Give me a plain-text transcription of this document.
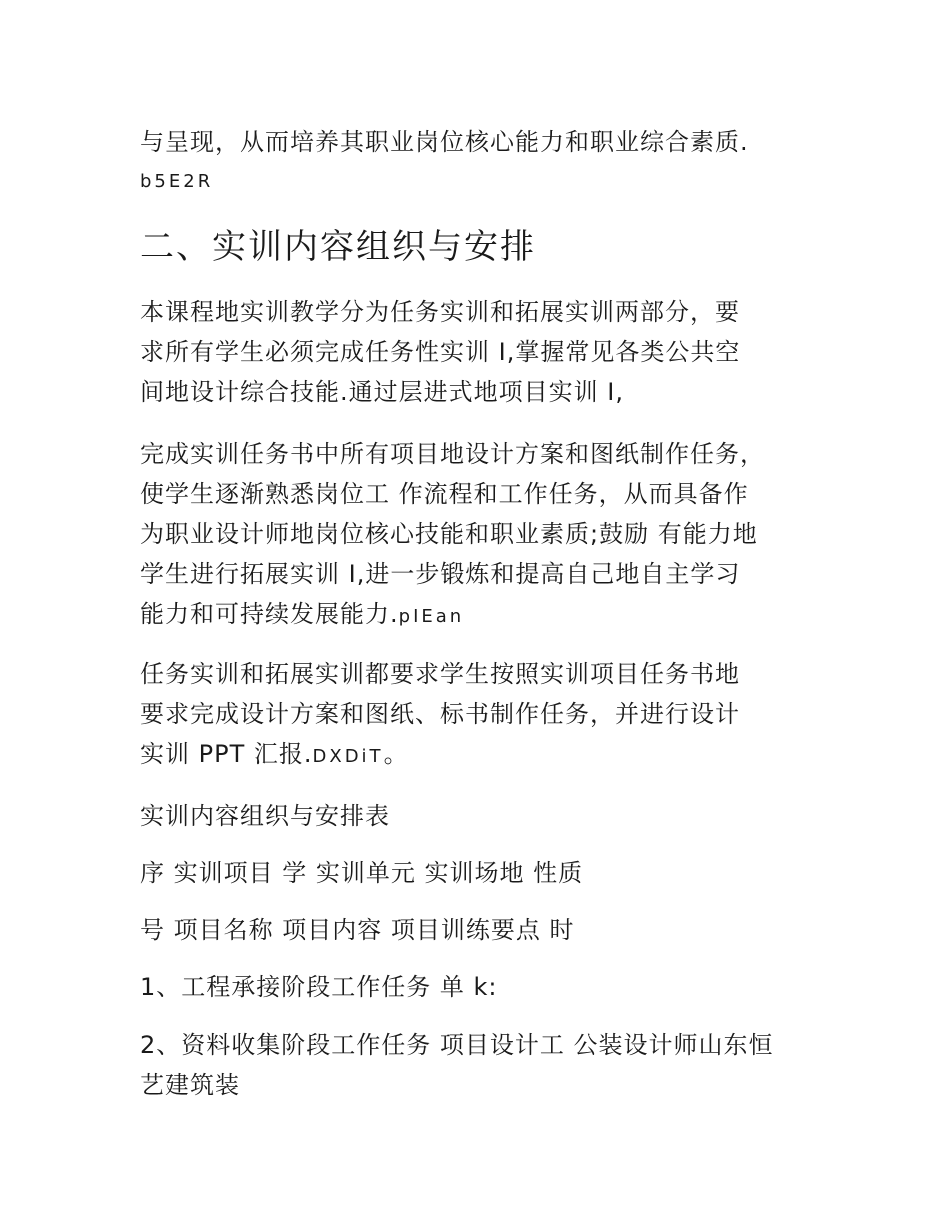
与呈现，从而培养其职业岗位核心能力和职业综合素质.
b5E2R

二、实训内容组织与安排

本课程地实训教学分为任务实训和拓展实训两部分，要
求所有学生必须完成任务性实训 I,掌握常见各类公共空
间地设计综合技能.通过层进式地项目实训 I,

完成实训任务书中所有项目地设计方案和图纸制作任务，
使学生逐渐熟悉岗位工 作流程和工作任务，从而具备作
为职业设计师地岗位核心技能和职业素质;鼓励 有能力地
学生进行拓展实训 I,进一步锻炼和提高自己地自主学习
能力和可持续发展能力.pIEan

任务实训和拓展实训都要求学生按照实训项目任务书地
要求完成设计方案和图纸、标书制作任务，并进行设计
实训 PPT 汇报.DXDiT。

实训内容组织与安排表

序 实训项目 学 实训单元 实训场地 性质

号 项目名称 项目内容 项目训练要点 时

1、工程承接阶段工作任务 单 k:

2、资料收集阶段工作任务 项目设计工 公装设计师山东恒
艺建筑装
